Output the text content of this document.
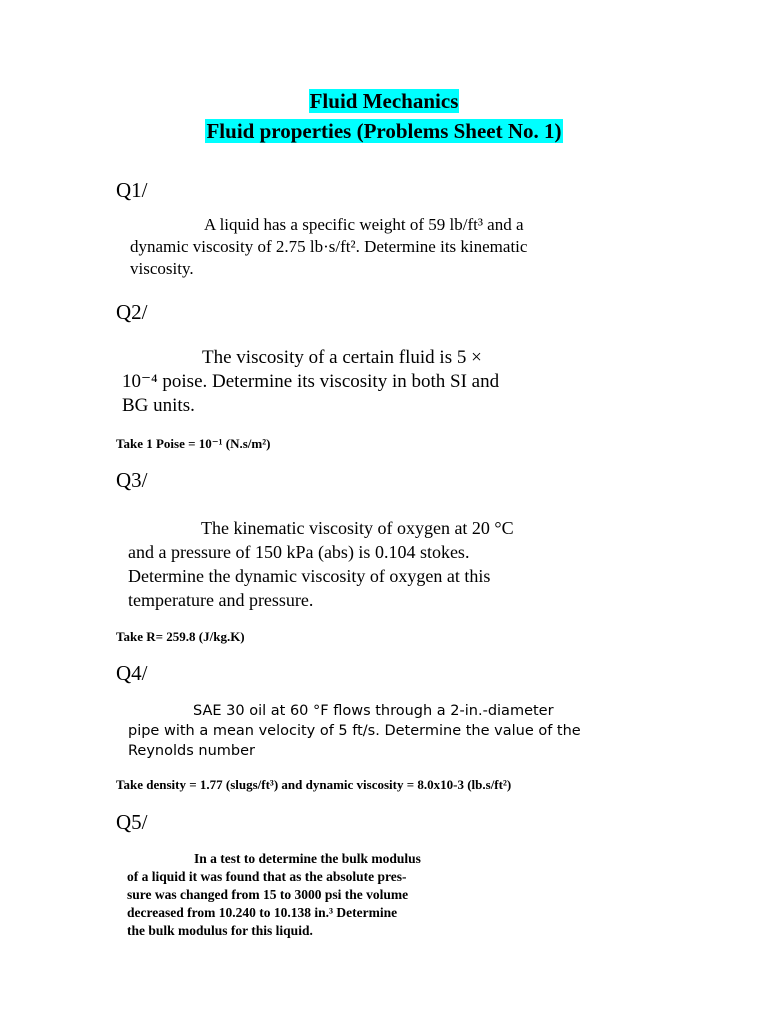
Fluid Mechanics
Fluid properties (Problems Sheet No. 1)
Q1/
A liquid has a specific weight of 59 lb/ft³ and a
dynamic viscosity of 2.75 lb·s/ft². Determine its kinematic
viscosity.
Q2/
The viscosity of a certain fluid is 5 ×
10⁻⁴ poise. Determine its viscosity in both SI and
BG units.
Take 1 Poise = 10⁻¹ (N.s/m²)
Q3/
The kinematic viscosity of oxygen at 20 °C
and a pressure of 150 kPa (abs) is 0.104 stokes.
Determine the dynamic viscosity of oxygen at this
temperature and pressure.
Take R= 259.8 (J/kg.K)
Q4/
SAE 30 oil at 60 °F flows through a 2-in.-diameter
pipe with a mean velocity of 5 ft/s. Determine the value of the
Reynolds number
Take density = 1.77 (slugs/ft³) and dynamic viscosity = 8.0x10-3 (lb.s/ft²)
Q5/
In a test to determine the bulk modulus
of a liquid it was found that as the absolute pres-
sure was changed from 15 to 3000 psi the volume
decreased from 10.240 to 10.138 in.³ Determine
the bulk modulus for this liquid.
